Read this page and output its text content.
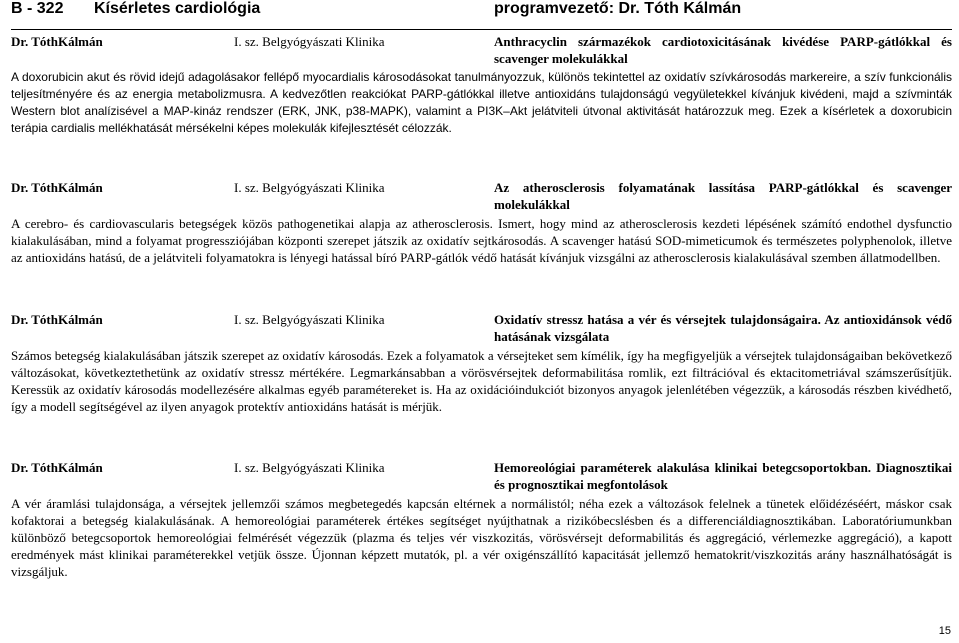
B - 322 Kísérletes cardiológia	programvezető: Dr. Tóth Kálmán
Dr. TóthKálmán	I. sz. Belgyógyászati Klinika	Anthracyclin származékok cardiotoxicitásának kivédése PARP-gátlókkal és scavenger molekulákkal

A doxorubicin akut és rövid idejű adagolásakor fellépő myocardialis károsodásokat tanulmányozzuk, különös tekintettel az oxidatív szívkárosodás markereire, a szív funkcionális teljesítményére és az energia metabolizmusra. A kedvezőtlen reakciókat PARP-gátlókkal illetve antioxidáns tulajdonságú vegyületekkel kívánjuk kivédeni, majd a szívminták Western blot analízisével a MAP-kináz rendszer (ERK, JNK, p38-MAPK), valamint a PI3K–Akt jelátviteli útvonal aktivitását határozzuk meg. Ezek a kísérletek a doxorubicin terápia cardialis mellékhatását mérsékelni képes molekulák kifejlesztését célozzák.

Dr. TóthKálmán	I. sz. Belgyógyászati Klinika	Az atherosclerosis folyamatának lassítása PARP-gátlókkal és scavenger molekulákkal

A cerebro- és cardiovascularis betegségek közös pathogenetikai alapja az atherosclerosis. Ismert, hogy mind az atherosclerosis kezdeti lépésének számító endothel dysfunctio kialakulásában, mind a folyamat progressziójában központi szerepet játszik az oxidatív sejtkárosodás. A scavenger hatású SOD-mimeticumok és természetes polyphenolok, illetve az antioxidáns hatású, de a jelátviteli folyamatokra is lényegi hatással bíró PARP-gátlók védő hatását kívánjuk vizsgálni az atherosclerosis kialakulásával szemben állatmodellben.

Dr. TóthKálmán	I. sz. Belgyógyászati Klinika	Oxidatív stressz hatása a vér és vérsejtek tulajdonságaira. Az antioxidánsok védő hatásának vizsgálata

Számos betegség kialakulásában játszik szerepet az oxidatív károsodás. Ezek a folyamatok a vérsejteket sem kímélik, így ha megfigyeljük a vérsejtek tulajdonságaiban bekövetkező változásokat, következtethetünk az oxidatív stressz mértékére. Legmarkánsabban a vörösvérsejtek deformabilitása romlik, ezt filtrációval és ektacitometriával számszerűsítjük. Keressük az oxidatív károsodás modellezésére alkalmas egyéb paramétereket is. Ha az oxidációindukciót bizonyos anyagok jelenlétében végezzük, a károsodás részben kivédhető, így a modell segítségével az ilyen anyagok protektív antioxidáns hatását is mérjük.

Dr. TóthKálmán	I. sz. Belgyógyászati Klinika	Hemoreológiai paraméterek alakulása klinikai betegcsoportokban. Diagnosztikai és prognosztikai megfontolások

A vér áramlási tulajdonsága, a vérsejtek jellemzői számos megbetegedés kapcsán eltérnek a normálistól; néha ezek a változások felelnek a tünetek előidézéséért, máskor csak kofaktorai a betegség kialakulásának. A hemoreológiai paraméterek értékes segítséget nyújthatnak a rizikóbecslésben és a differenciáldiagnosztikában. Laboratóriumunkban különböző betegcsoportok hemoreológiai felmérését végezzük (plazma és teljes vér viszkozitás, vörösvérsejt deformabilitás és aggregáció, vérlemezke aggregáció), a kapott eredmények mást klinikai paraméterekkel vetjük össze. Újonnan képzett mutatók, pl. a vér oxigénszállító kapacitását jellemző hematokrit/viszkozitás arány használhatóságát is vizsgáljuk.

15
